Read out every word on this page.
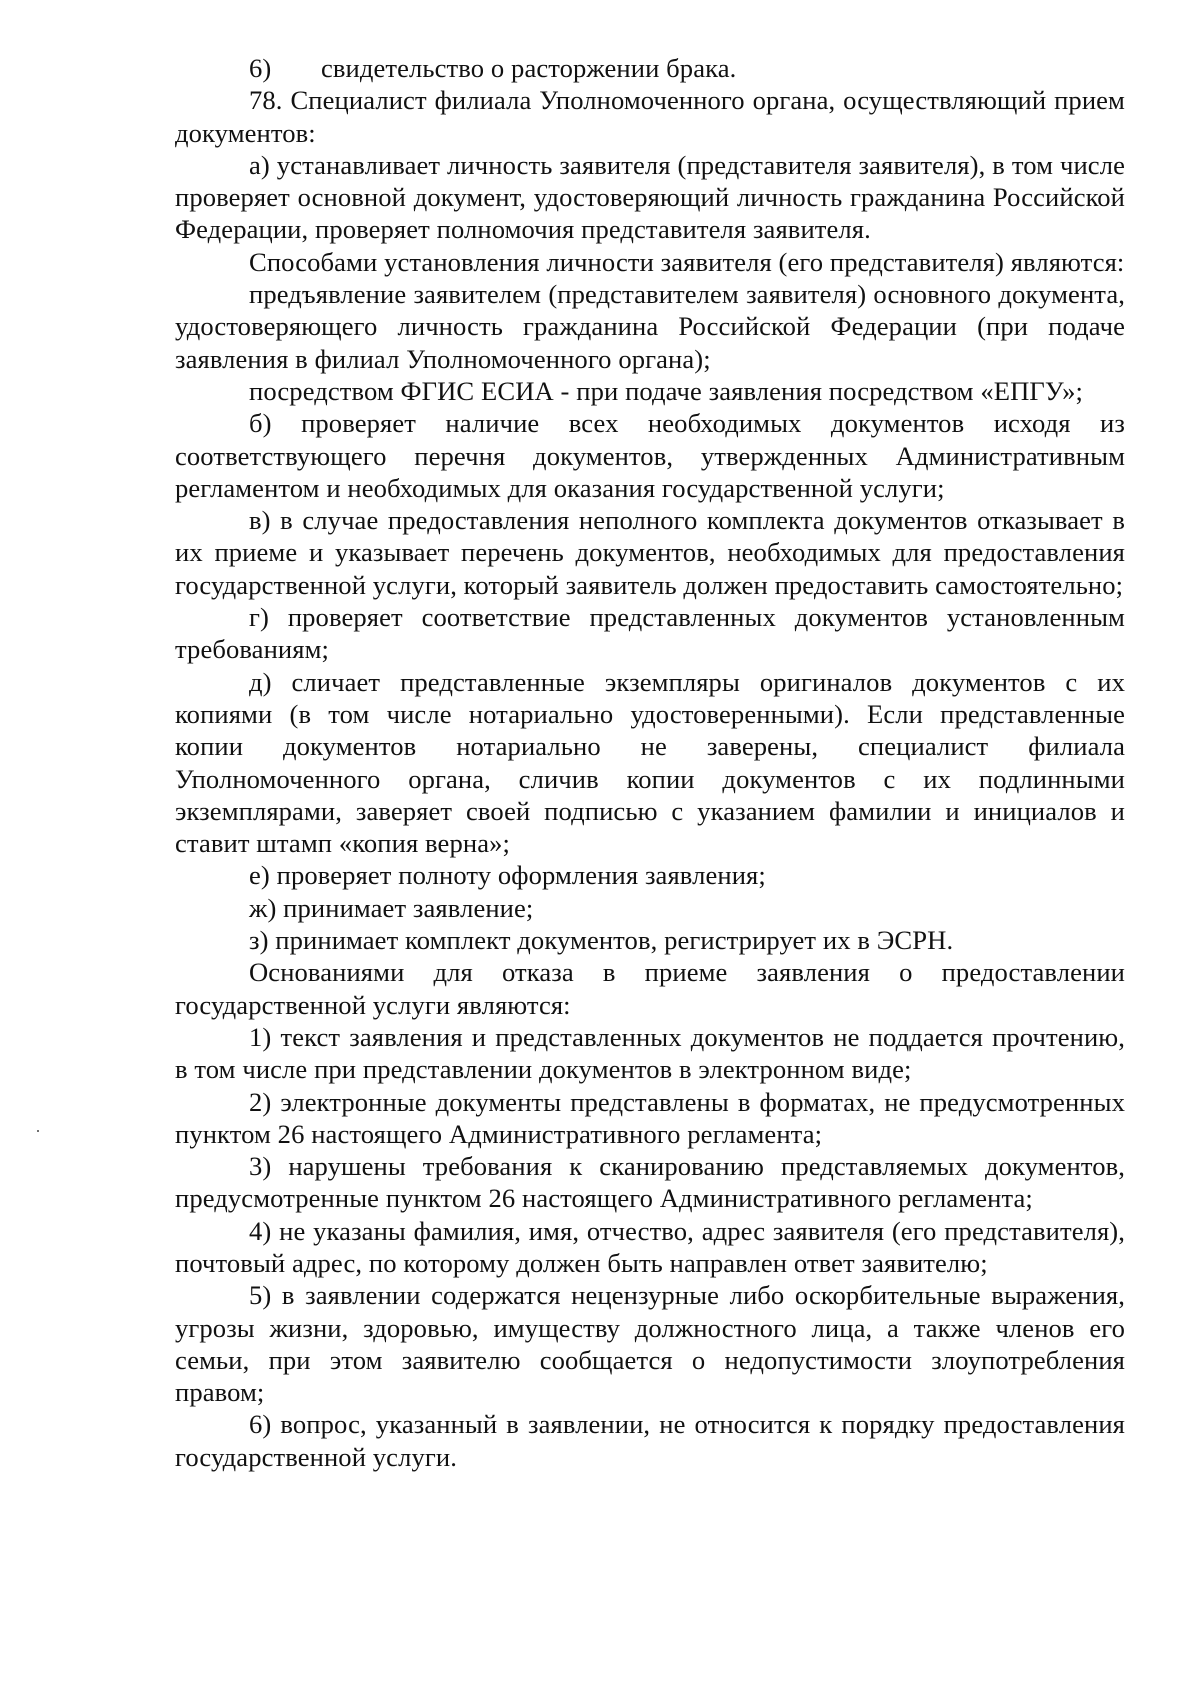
6) свидетельство о расторжении брака.

78. Специалист филиала Уполномоченного органа, осуществляющий прием документов:

а) устанавливает личность заявителя (представителя заявителя), в том числе проверяет основной документ, удостоверяющий личность гражданина Российской Федерации, проверяет полномочия представителя заявителя.

Способами установления личности заявителя (его представителя) являются:

предъявление заявителем (представителем заявителя) основного документа, удостоверяющего личность гражданина Российской Федерации (при подаче заявления в филиал Уполномоченного органа);

посредством ФГИС ЕСИА - при подаче заявления посредством «ЕПГУ»;

б) проверяет наличие всех необходимых документов исходя из соответствующего перечня документов, утвержденных Административным регламентом и необходимых для оказания государственной услуги;

в) в случае предоставления неполного комплекта документов отказывает в их приеме и указывает перечень документов, необходимых для предоставления государственной услуги, который заявитель должен предоставить самостоятельно;

г) проверяет соответствие представленных документов установленным требованиям;

д) сличает представленные экземпляры оригиналов документов с их копиями (в том числе нотариально удостоверенными). Если представленные копии документов нотариально не заверены, специалист филиала Уполномоченного органа, сличив копии документов с их подлинными экземплярами, заверяет своей подписью с указанием фамилии и инициалов и ставит штамп «копия верна»;

е) проверяет полноту оформления заявления;

ж) принимает заявление;

з) принимает комплект документов, регистрирует их в ЭСРН.

Основаниями для отказа в приеме заявления о предоставлении государственной услуги являются:

1) текст заявления и представленных документов не поддается прочтению, в том числе при представлении документов в электронном виде;

2) электронные документы представлены в форматах, не предусмотренных пунктом 26 настоящего Административного регламента;

3) нарушены требования к сканированию представляемых документов, предусмотренные пунктом 26 настоящего Административного регламента;

4) не указаны фамилия, имя, отчество, адрес заявителя (его представителя), почтовый адрес, по которому должен быть направлен ответ заявителю;

5) в заявлении содержатся нецензурные либо оскорбительные выражения, угрозы жизни, здоровью, имуществу должностного лица, а также членов его семьи, при этом заявителю сообщается о недопустимости злоупотребления правом;

6) вопрос, указанный в заявлении, не относится к порядку предоставления государственной услуги.
